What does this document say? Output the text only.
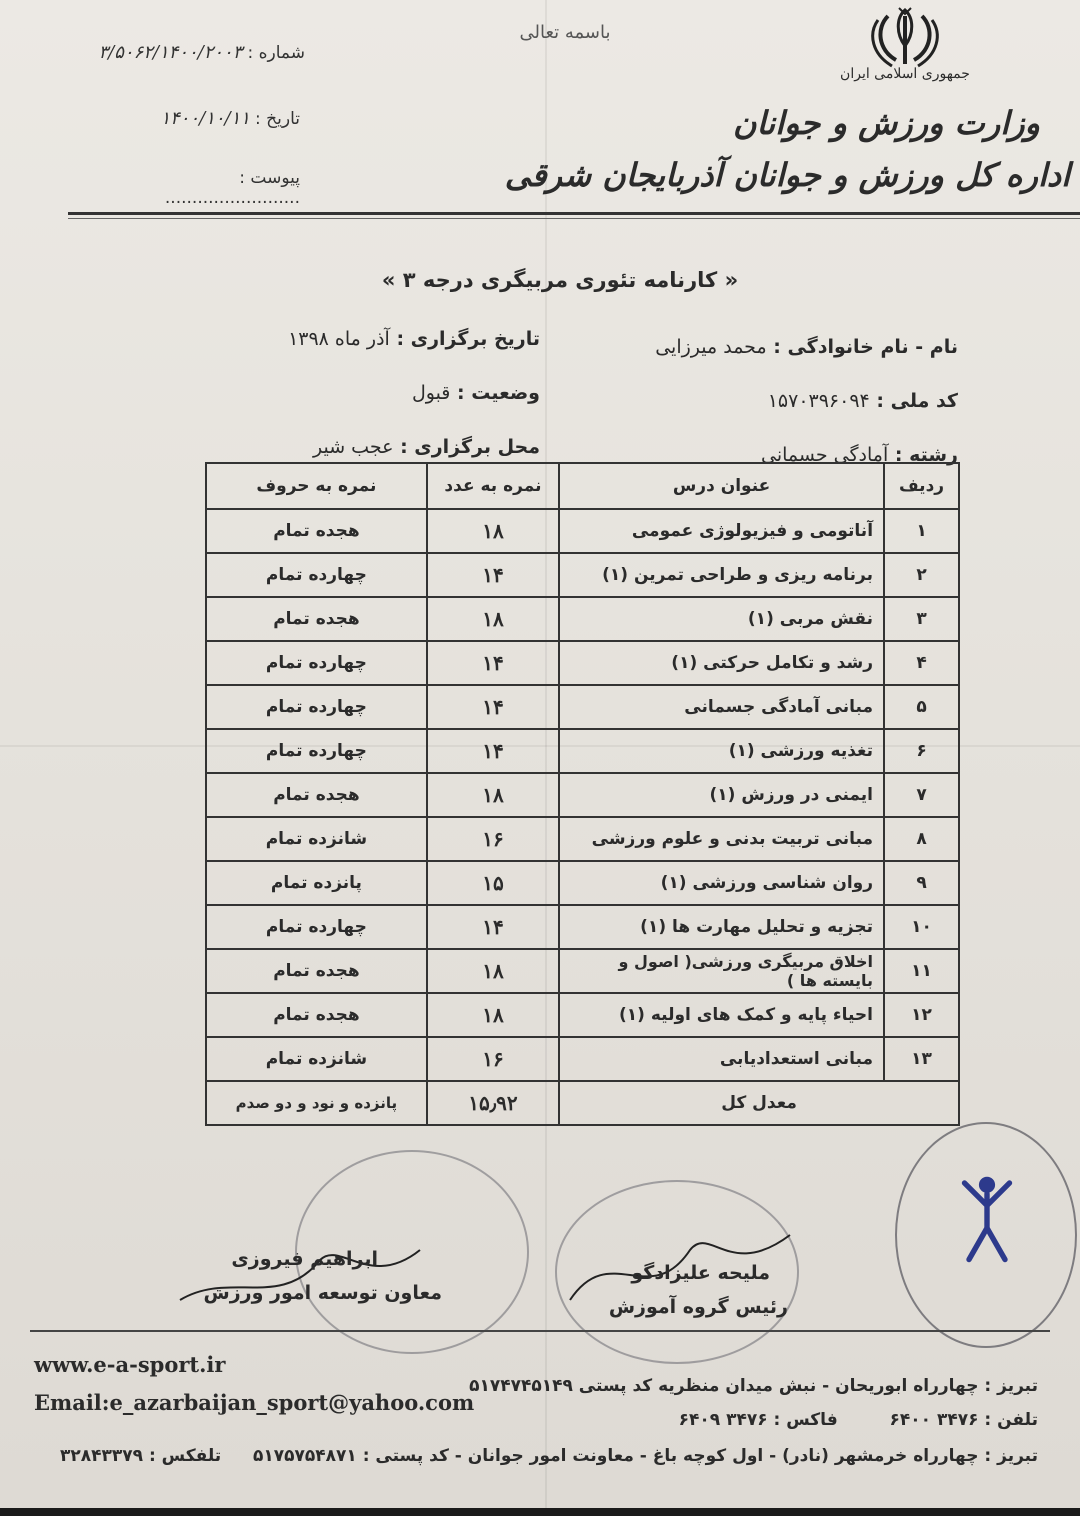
باسمه تعالی
جمهوری اسلامی ایران
وزارت ورزش و جوانان
اداره کل ورزش و جوانان آذربایجان شرقی
شماره : ۳/۵۰۶۲/۱۴۰۰/۲۰۰۳
تاریخ : ۱۴۰۰/۱۰/۱۱
پیوست : .........................
« کارنامه تئوری مربیگری درجه ۳ »
نام - نام خانوادگی : محمد میرزایی
کد ملی : ۱۵۷۰۳۹۶۰۹۴
رشته : آمادگی جسمانی
تاریخ برگزاری : آذر ماه ۱۳۹۸
وضعیت : قبول
محل برگزاری : عجب شیر
ردیف	عنوان درس	نمره به عدد	نمره به حروف
۱	آناتومی و فیزیولوژی عمومی	۱۸	هجده تمام
۲	برنامه ریزی و طراحی تمرین (۱)	۱۴	چهارده تمام
۳	نقش مربی (۱)	۱۸	هجده تمام
۴	رشد و تکامل حرکتی (۱)	۱۴	چهارده تمام
۵	مبانی آمادگی جسمانی	۱۴	چهارده تمام
۶	تغذیه ورزشی (۱)	۱۴	چهارده تمام
۷	ایمنی در ورزش (۱)	۱۸	هجده تمام
۸	مبانی تربیت بدنی و علوم ورزشی	۱۶	شانزده تمام
۹	روان شناسی ورزشی (۱)	۱۵	پانزده تمام
۱۰	تجزیه و تحلیل مهارت ها (۱)	۱۴	چهارده تمام
۱۱	اخلاق مربیگری ورزشی( اصول و بایسته ها )	۱۸	هجده تمام
۱۲	احیاء پایه و کمک های اولیه (۱)	۱۸	هجده تمام
۱۳	مبانی استعدادیابی	۱۶	شانزده تمام
معدل کل		۱۵٫۹۲	پانزده و نود و دو صدم
ابراهیم فیروزی
معاون توسعه امور ورزش
ملیحه علیزادگو
رئیس گروه آموزش
www.e-a-sport.ir
Email:e_azarbaijan_sport@yahoo.com
تبریز : چهارراه ابوریحان - نبش میدان منظریه کد پستی ۵۱۷۴۷۴۵۱۴۹
تلفن : ۳۴۷۶ ۶۴۰۰  فاکس : ۳۴۷۶ ۶۴۰۹
تبریز : چهارراه خرمشهر (نادر) - اول کوچه باغ - معاونت امور جوانان - کد پستی : ۵۱۷۵۷۵۴۸۷۱  تلفکس : ۳۲۸۴۳۳۷۹
